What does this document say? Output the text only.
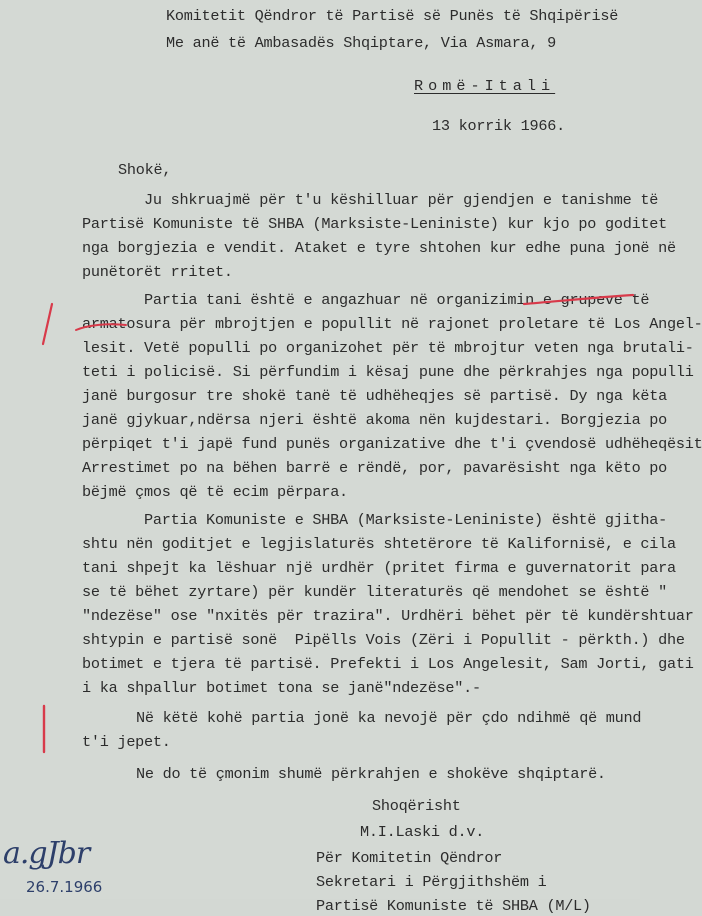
Komitetit Qëndror të Partisë së Punës të Shqipërisë
Me anë të Ambasadës Shqiptare, Via Asmara, 9
Romë-Itali
13 korrik 1966.
Shokë,
Ju shkruajmë për t'u këshilluar për gjendjen e tanishme të
Partisë Komuniste të SHBA (Marksiste-Leniniste) kur kjo po goditet
nga borgjezia e vendit. Ataket e tyre shtohen kur edhe puna jonë në
punëtorët rritet.
Partia tani është e angazhuar në organizimin e grupeve të
armatosura për mbrojtjen e popullit në rajonet proletare të Los Angel-
lesit. Vetë populli po organizohet për të mbrojtur veten nga brutali-
teti i policisë. Si përfundim i kësaj pune dhe përkrahjes nga populli
janë burgosur tre shokë tanë të udhëheqjes së partisë. Dy nga këta
janë gjykuar,ndërsa njeri është akoma nën kujdestari. Borgjezia po
përpiqet t'i japë fund punës organizative dhe t'i çvendosë udhëheqësit
Arrestimet po na bëhen barrë e rëndë, por, pavarësisht nga këto po
bëjmë çmos që të ecim përpara.
Partia Komuniste e SHBA (Marksiste-Leniniste) është gjitha-
shtu nën goditjet e legjislaturës shtetërore të Kalifornisë, e cila
tani shpejt ka lëshuar një urdhër (pritet firma e guvernatorit para
se të bëhet zyrtare) për kundër literaturës që mendohet se është "
"ndezëse" ose "nxitës për trazira". Urdhëri bëhet për të kundërshtuar
shtypin e partisë sonë  Pipëlls Vois (Zëri i Popullit - përkth.) dhe
botimet e tjera të partisë. Prefekti i Los Angelesit, Sam Jorti, gati
i ka shpallur botimet tona se janë"ndezëse".-
Në këtë kohë partia jonë ka nevojë për çdo ndihmë që mund
t'i jepet.
Ne do të çmonim shumë përkrahjen e shokëve shqiptarë.
Shoqërisht
M.I.Laski d.v.
Për Komitetin Qëndror
Sekretari i Përgjithshëm i
Partisë Komuniste të SHBA (M/L)
a.gJbr
26.7.1966
